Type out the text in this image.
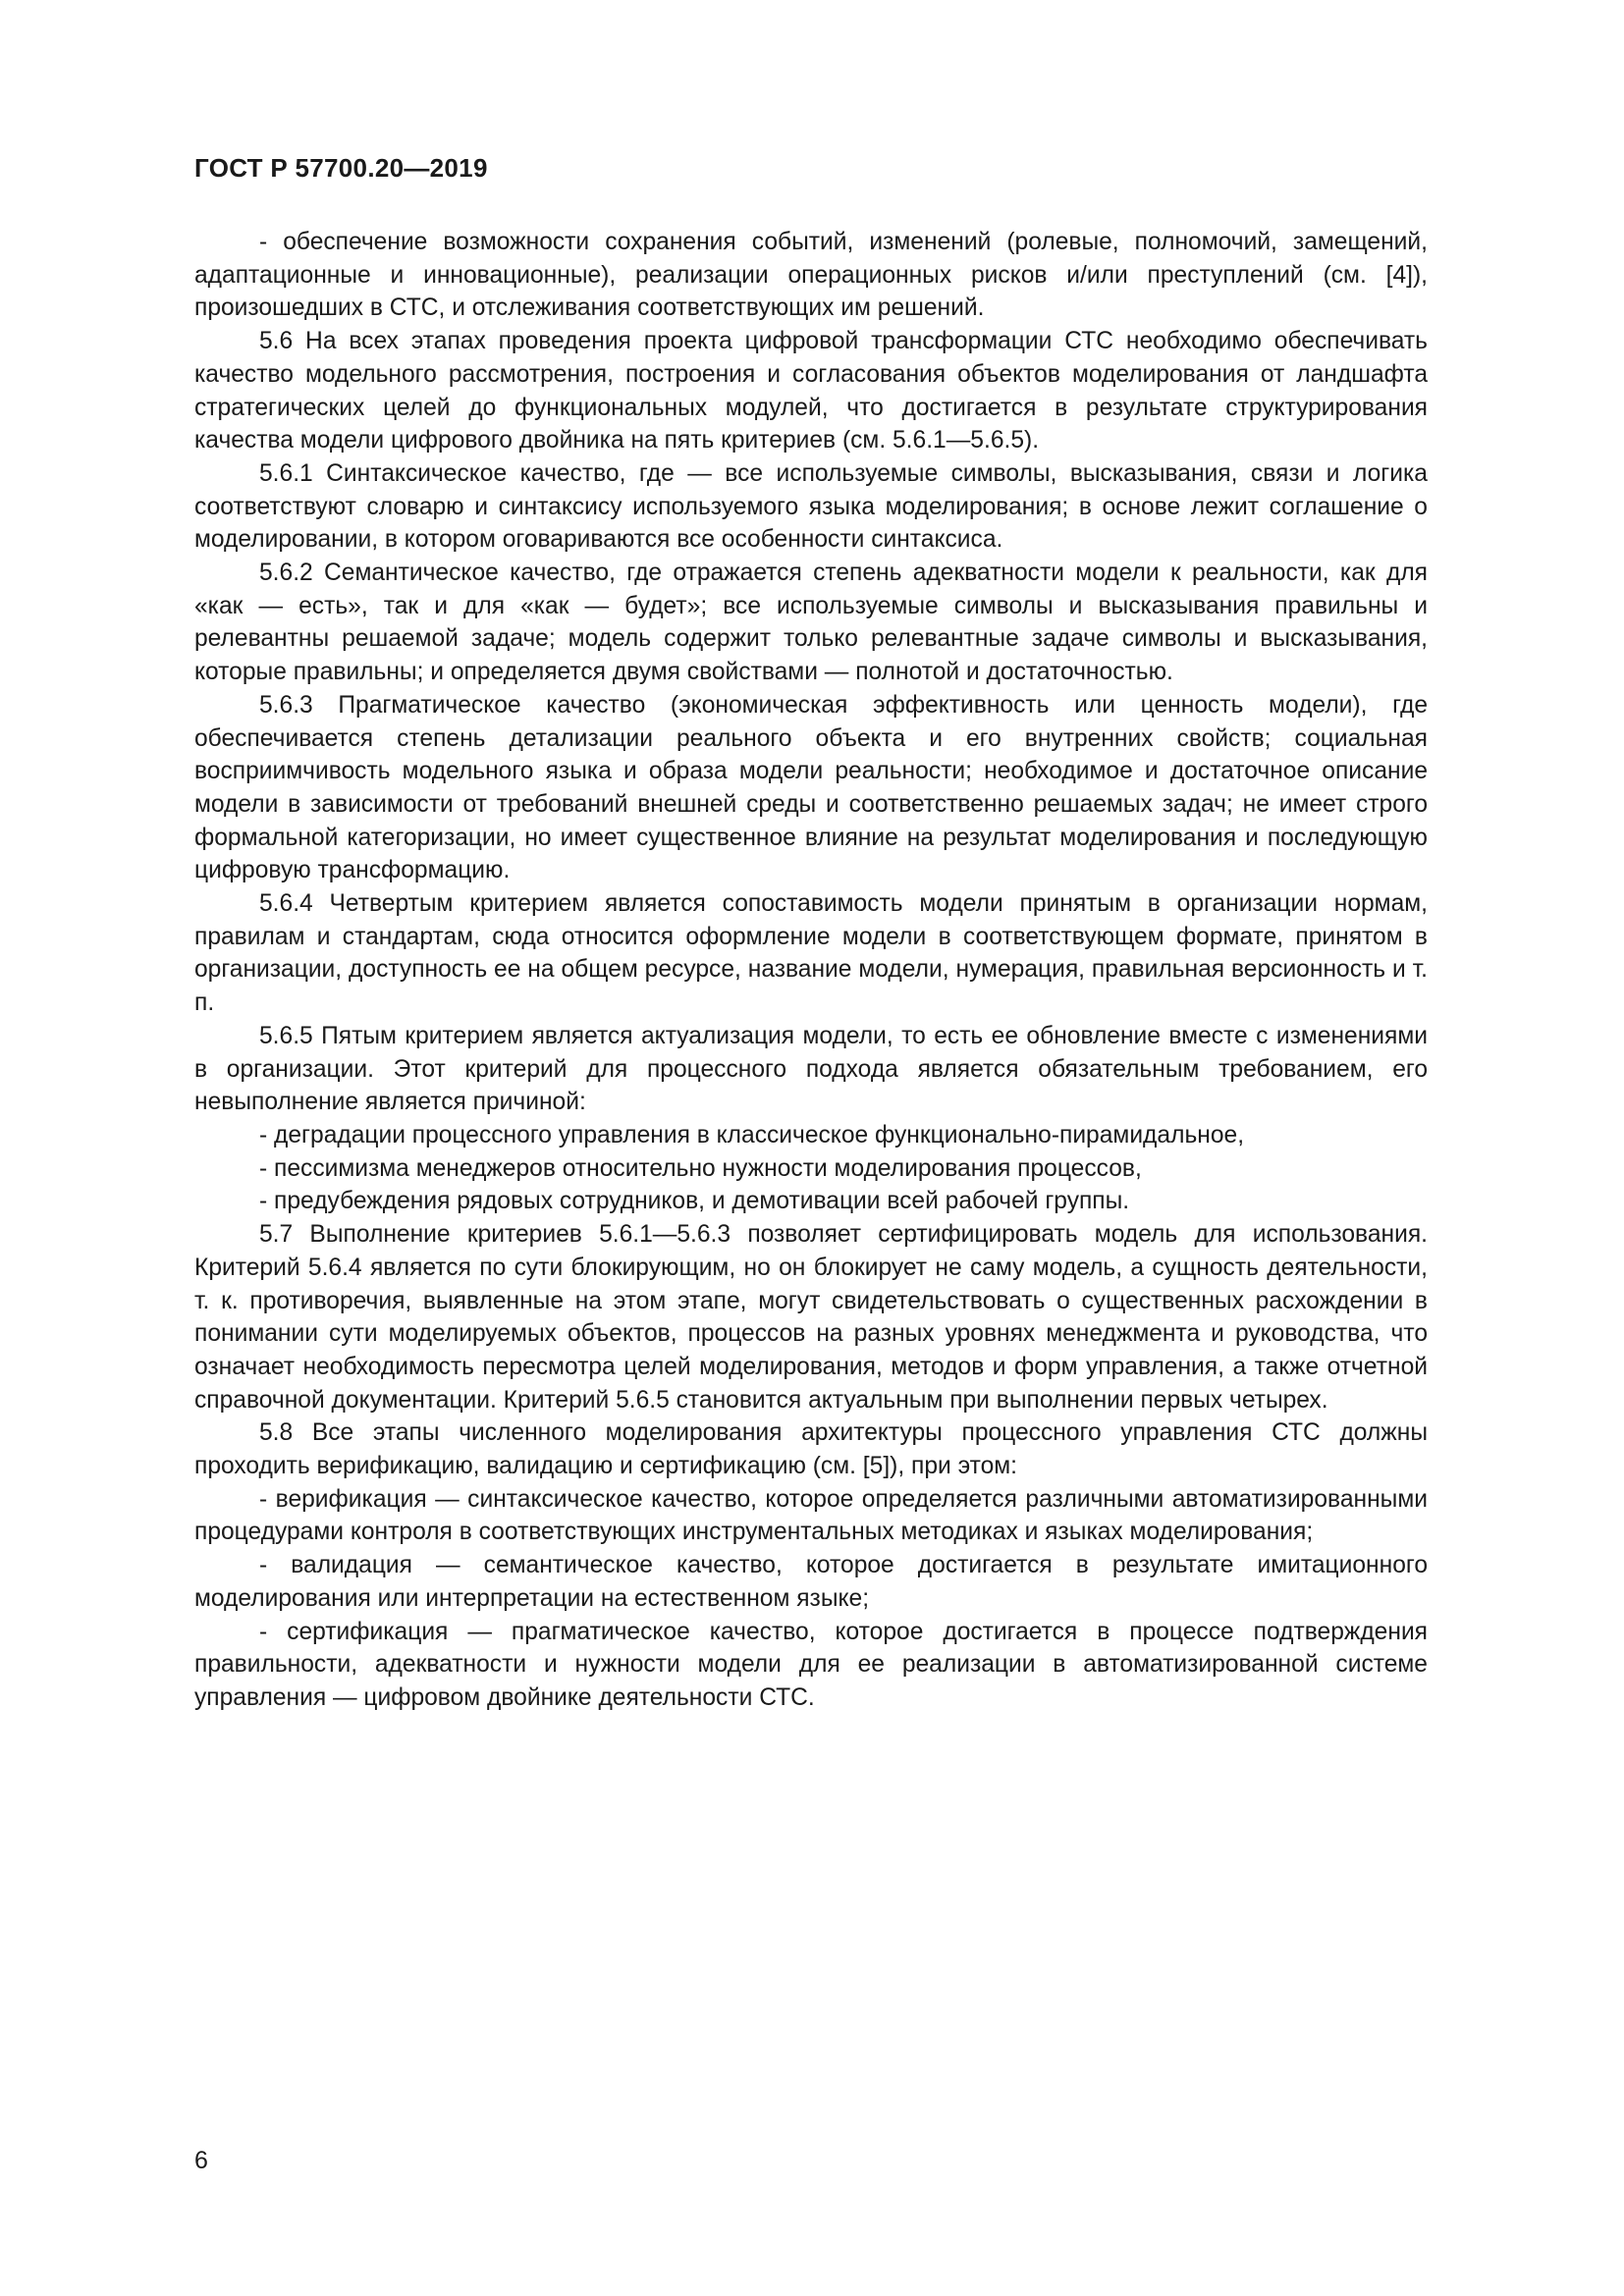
ГОСТ Р 57700.20—2019

- обеспечение возможности сохранения событий, изменений (ролевые, полномочий, замещений, адаптационные и инновационные), реализации операционных рисков и/или преступлений (см. [4]), произошедших в СТС, и отслеживания соответствующих им решений.

5.6 На всех этапах проведения проекта цифровой трансформации СТС необходимо обеспечивать качество модельного рассмотрения, построения и согласования объектов моделирования от ландшафта стратегических целей до функциональных модулей, что достигается в результате структурирования качества модели цифрового двойника на пять критериев (см. 5.6.1—5.6.5).

5.6.1 Синтаксическое качество, где — все используемые символы, высказывания, связи и логика соответствуют словарю и синтаксису используемого языка моделирования; в основе лежит соглашение о моделировании, в котором оговариваются все особенности синтаксиса.

5.6.2 Семантическое качество, где отражается степень адекватности модели к реальности, как для «как — есть», так и для «как — будет»; все используемые символы и высказывания правильны и релевантны решаемой задаче; модель содержит только релевантные задаче символы и высказывания, которые правильны; и определяется двумя свойствами — полнотой и достаточностью.

5.6.3 Прагматическое качество (экономическая эффективность или ценность модели), где обеспечивается степень детализации реального объекта и его внутренних свойств; социальная восприимчивость модельного языка и образа модели реальности; необходимое и достаточное описание модели в зависимости от требований внешней среды и соответственно решаемых задач; не имеет строго формальной категоризации, но имеет существенное влияние на результат моделирования и последующую цифровую трансформацию.

5.6.4 Четвертым критерием является сопоставимость модели принятым в организации нормам, правилам и стандартам, сюда относится оформление модели в соответствующем формате, принятом в организации, доступность ее на общем ресурсе, название модели, нумерация, правильная версионность и т. п.

5.6.5 Пятым критерием является актуализация модели, то есть ее обновление вместе с изменениями в организации. Этот критерий для процессного подхода является обязательным требованием, его невыполнение является причиной:

- деградации процессного управления в классическое функционально-пирамидальное,

- пессимизма менеджеров относительно нужности моделирования процессов,

- предубеждения рядовых сотрудников, и демотивации всей рабочей группы.

5.7 Выполнение критериев 5.6.1—5.6.3 позволяет сертифицировать модель для использования. Критерий 5.6.4 является по сути блокирующим, но он блокирует не саму модель, а сущность деятельности, т. к. противоречия, выявленные на этом этапе, могут свидетельствовать о существенных расхождении в понимании сути моделируемых объектов, процессов на разных уровнях менеджмента и руководства, что означает необходимость пересмотра целей моделирования, методов и форм управления, а также отчетной справочной документации. Критерий 5.6.5 становится актуальным при выполнении первых четырех.

5.8 Все этапы численного моделирования архитектуры процессного управления СТС должны проходить верификацию, валидацию и сертификацию (см. [5]), при этом:

- верификация — синтаксическое качество, которое определяется различными автоматизированными процедурами контроля в соответствующих инструментальных методиках и языках моделирования;

- валидация — семантическое качество, которое достигается в результате имитационного моделирования или интерпретации на естественном языке;

- сертификация — прагматическое качество, которое достигается в процессе подтверждения правильности, адекватности и нужности модели для ее реализации в автоматизированной системе управления — цифровом двойнике деятельности СТС.

6
